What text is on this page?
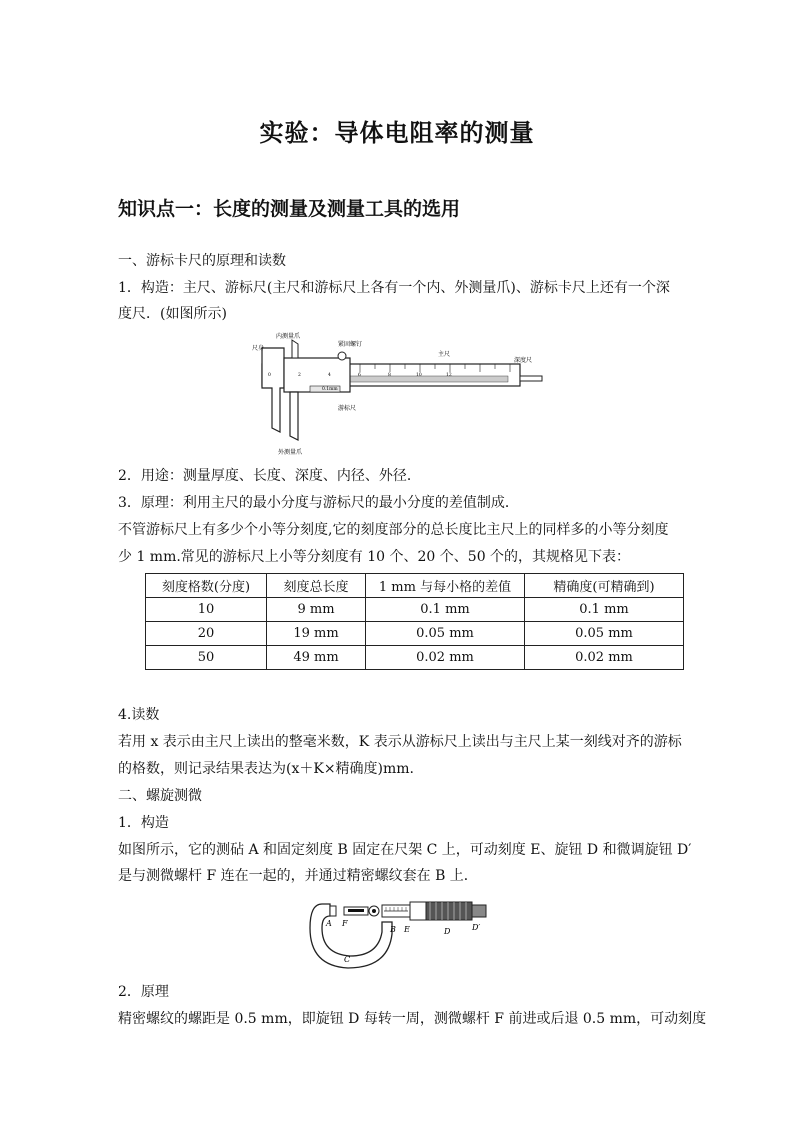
实验：导体电阻率的测量
知识点一：长度的测量及测量工具的选用
一、游标卡尺的原理和读数
1．构造：主尺、游标尺(主尺和游标尺上各有一个内、外测量爪)、游标卡尺上还有一个深
度尺．(如图所示)
尺身
内测量爪
紧固螺钉
主尺
深度尺
游标尺
外测量爪
0.1mm
0	2	4	6	8	10	12
2．用途：测量厚度、长度、深度、内径、外径．
3．原理：利用主尺的最小分度与游标尺的最小分度的差值制成．
不管游标尺上有多少个小等分刻度,它的刻度部分的总长度比主尺上的同样多的小等分刻度
少 1 mm.常见的游标尺上小等分刻度有 10 个、20 个、50 个的，其规格见下表：
刻度格数(分度)	刻度总长度	1 mm 与每小格的差值	精确度(可精确到)
10	9 mm	0.1 mm	0.1 mm
20	19 mm	0.05 mm	0.05 mm
50	49 mm	0.02 mm	0.02 mm
4.读数
若用 x 表示由主尺上读出的整毫米数，K 表示从游标尺上读出与主尺上某一刻线对齐的游标
的格数，则记录结果表达为(x＋K×精确度)mm.
二、螺旋测微
1．构造
如图所示，它的测砧 A 和固定刻度 B 固定在尺架 C 上，可动刻度 E、旋钮 D 和微调旋钮 D′
是与测微螺杆 F 连在一起的，并通过精密螺纹套在 B 上．
A F
B E	D	D′
C
2．原理
精密螺纹的螺距是 0.5 mm，即旋钮 D 每转一周，测微螺杆 F 前进或后退 0.5 mm，可动刻度
